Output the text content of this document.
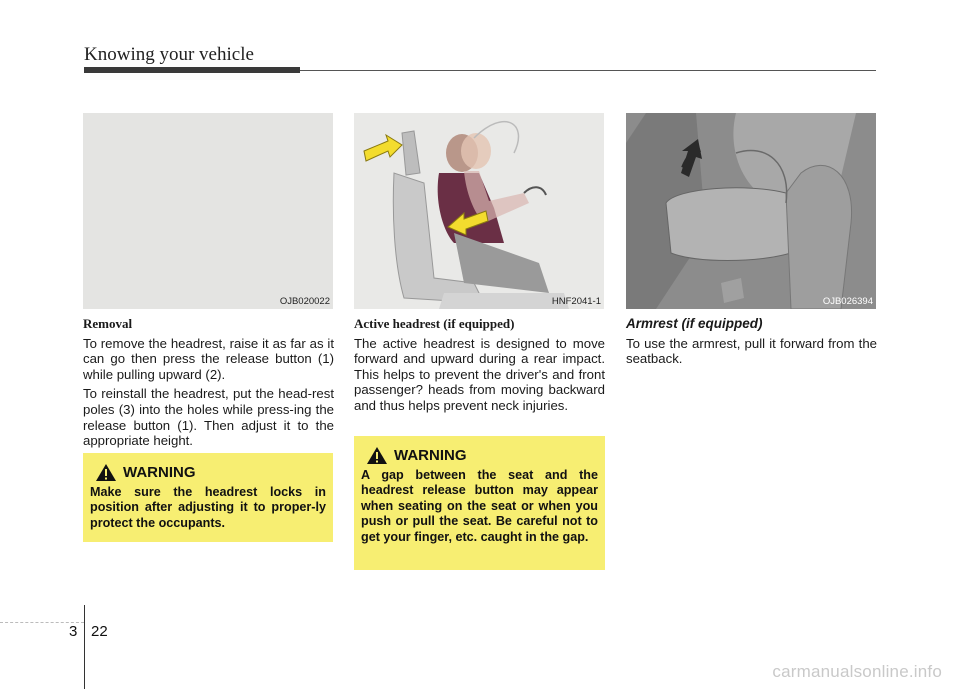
Knowing your vehicle
OJB020022	HNF2041-1	OJB026394
Removal

To remove the headrest, raise it as far as it can go then press the release button (1) while pulling upward (2).

To reinstall the headrest, put the head-rest poles (3) into the holes while press-ing the release button (1). Then adjust it to the appropriate height.

Active headrest (if equipped)

The active headrest is designed to move forward and upward during a rear impact. This helps to prevent the driver's and front passenger? heads from moving backward and thus helps prevent neck injuries.

Armrest (if equipped)

To use the armrest, pull it forward from the seatback.

WARNING
Make sure the headrest locks in position after adjusting it to proper-ly protect the occupants.
WARNING
A gap between the seat and the headrest release button may appear when seating on the seat or when you push or pull the seat. Be careful not to get your finger, etc. caught in the gap.
3 22
carmanualsonline.info
